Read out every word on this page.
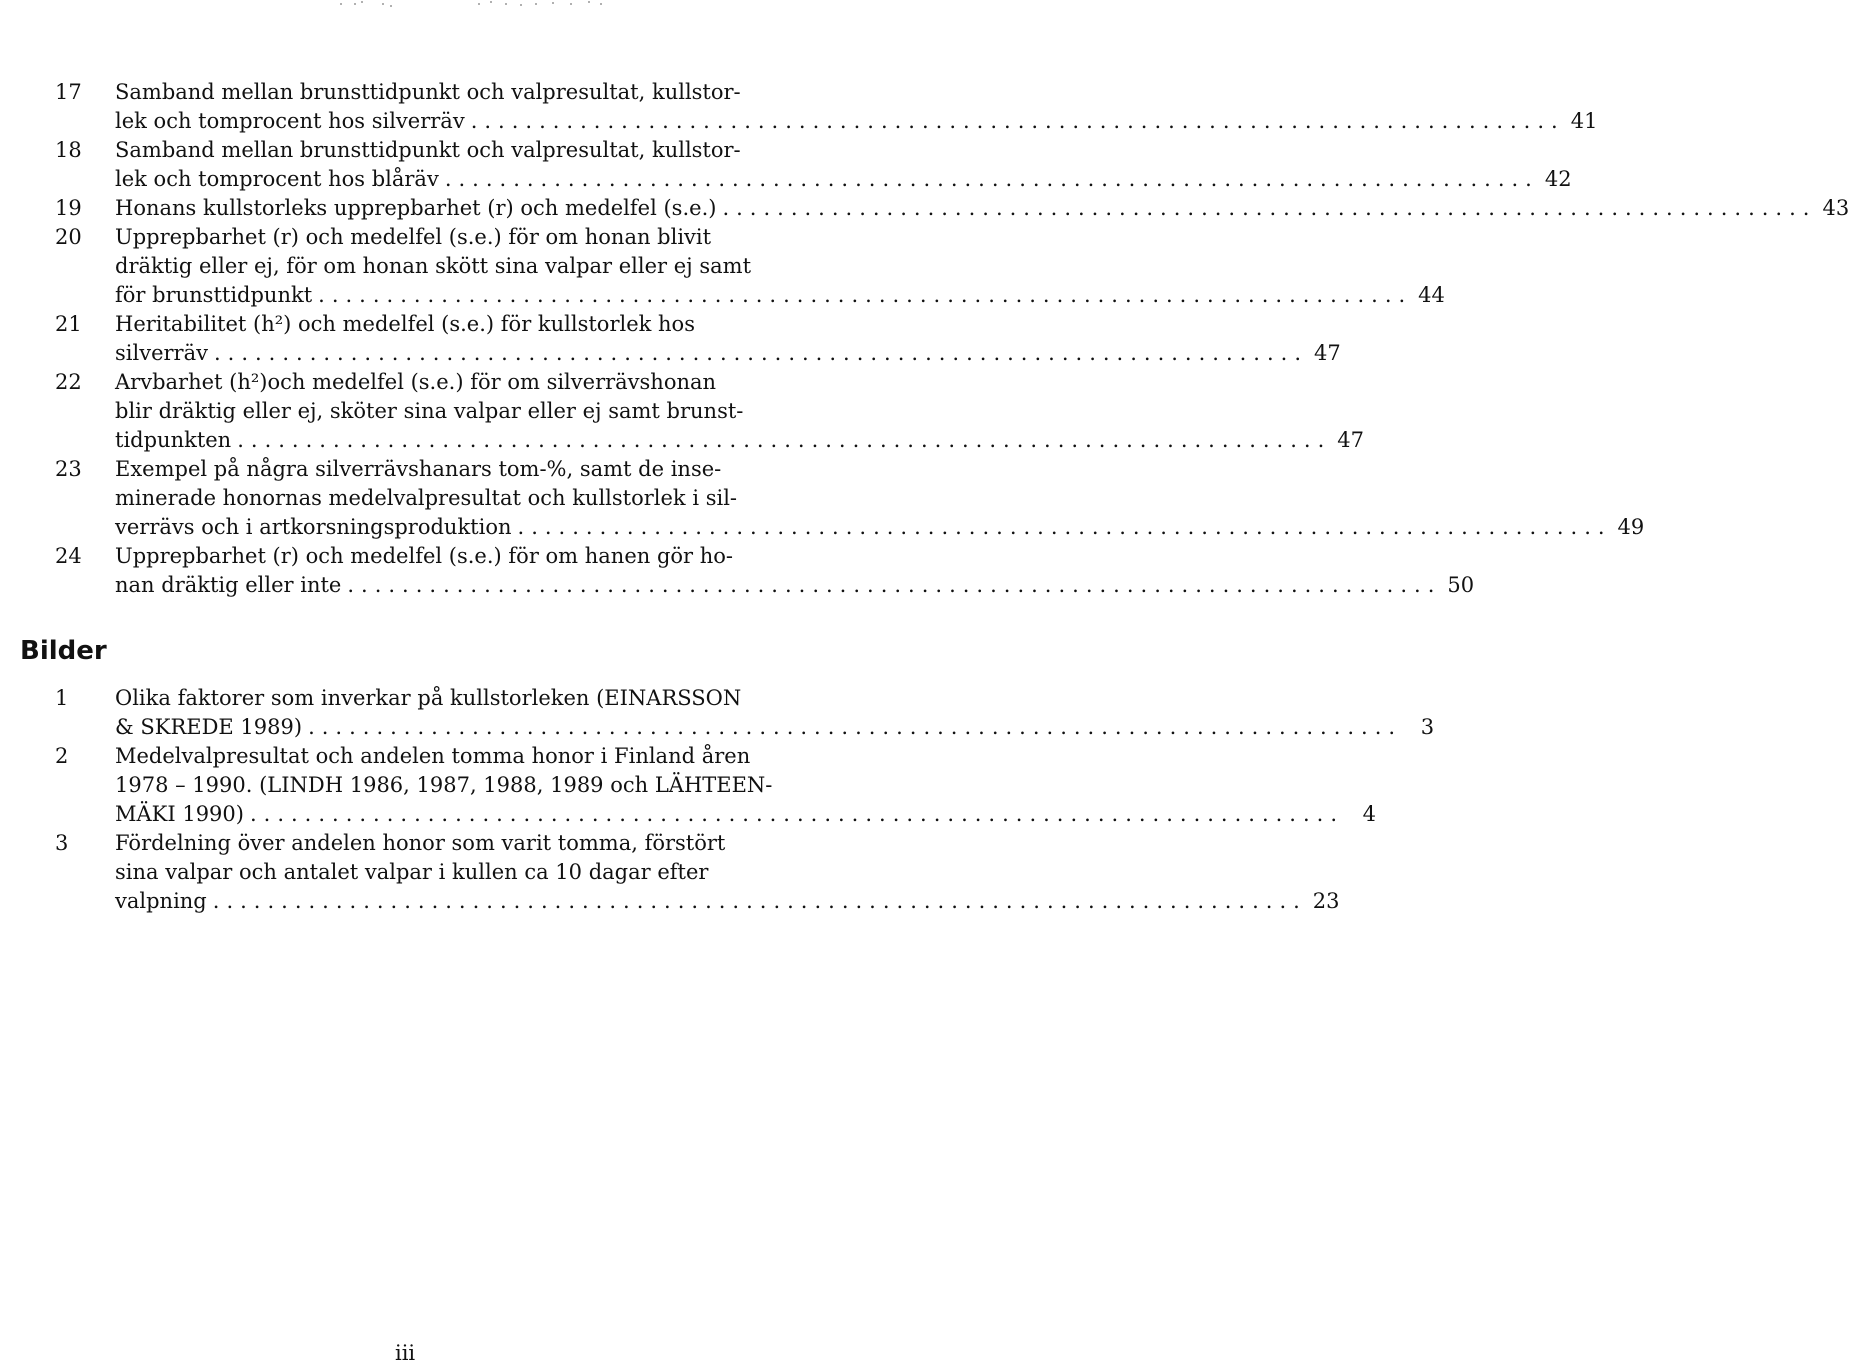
17 Samband mellan brunsttidpunkt och valpresultat, kullstor-
lek och tomprocent hos silverräv ................................................................................ 41
18 Samband mellan brunsttidpunkt och valpresultat, kullstor-
lek och tomprocent hos blåräv ................................................................................ 42
19 Honans kullstorleks upprepbarhet (r) och medelfel (s.e.) ................................................................................ 43
20 Upprepbarhet (r) och medelfel (s.e.) för om honan blivit
dräktig eller ej, för om honan skött sina valpar eller ej samt
för brunsttidpunkt ................................................................................ 44
21 Heritabilitet (h²) och medelfel (s.e.) för kullstorlek hos
silverräv ................................................................................ 47
22 Arvbarhet (h²)och medelfel (s.e.) för om silverrävshonan
blir dräktig eller ej, sköter sina valpar eller ej samt brunst-
tidpunkten ................................................................................ 47
23 Exempel på några silverrävshanars tom-%, samt de inse-
minerade honornas medelvalpresultat och kullstorlek i sil-
verrävs och i artkorsningsproduktion ................................................................................ 49
24 Upprepbarhet (r) och medelfel (s.e.) för om hanen gör ho-
nan dräktig eller inte ................................................................................ 50
Bilder
1 Olika faktorer som inverkar på kullstorleken (EINARSSON
& SKREDE 1989) ................................................................................ 3
2 Medelvalpresultat och andelen tomma honor i Finland åren
1978 – 1990. (LINDH 1986, 1987, 1988, 1989 och LÄHTEEN-
MÄKI 1990) ................................................................................ 4
3 Fördelning över andelen honor som varit tomma, förstört
sina valpar och antalet valpar i kullen ca 10 dagar efter
valpning ................................................................................ 23
iii
